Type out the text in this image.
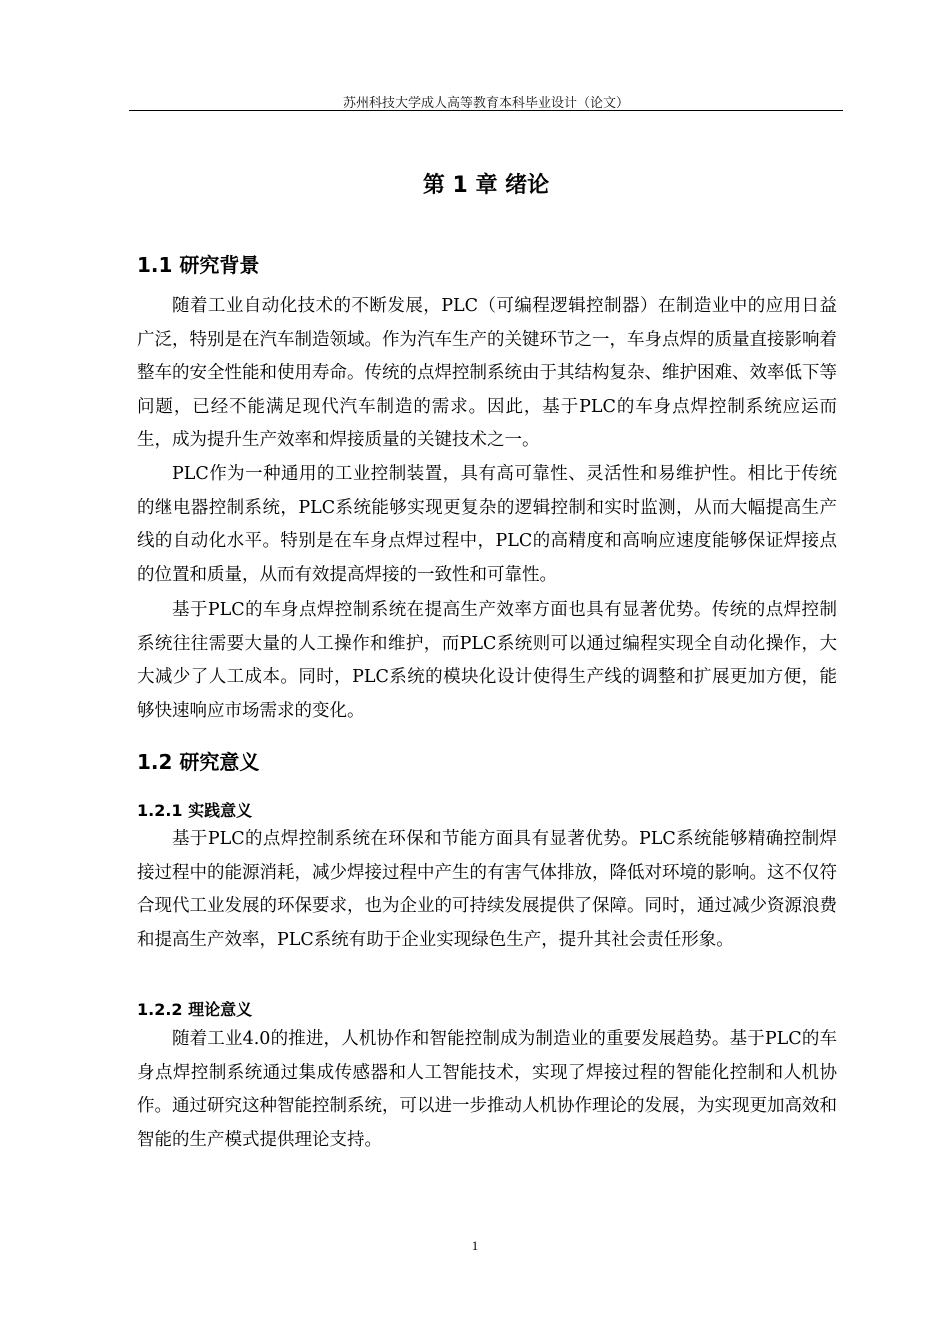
苏州科技大学成人高等教育本科毕业设计（论文）
第 1 章 绪论
1.1 研究背景

随着工业自动化技术的不断发展，PLC（可编程逻辑控制器）在制造业中的应用日益广泛，特别是在汽车制造领域。作为汽车生产的关键环节之一，车身点焊的质量直接影响着整车的安全性能和使用寿命。传统的点焊控制系统由于其结构复杂、维护困难、效率低下等问题，已经不能满足现代汽车制造的需求。因此，基于PLC的车身点焊控制系统应运而生，成为提升生产效率和焊接质量的关键技术之一。

PLC作为一种通用的工业控制装置，具有高可靠性、灵活性和易维护性。相比于传统的继电器控制系统，PLC系统能够实现更复杂的逻辑控制和实时监测，从而大幅提高生产线的自动化水平。特别是在车身点焊过程中，PLC的高精度和高响应速度能够保证焊接点的位置和质量，从而有效提高焊接的一致性和可靠性。

基于PLC的车身点焊控制系统在提高生产效率方面也具有显著优势。传统的点焊控制系统往往需要大量的人工操作和维护，而PLC系统则可以通过编程实现全自动化操作，大大减少了人工成本。同时，PLC系统的模块化设计使得生产线的调整和扩展更加方便，能够快速响应市场需求的变化。

1.2 研究意义
1.2.1 实践意义

基于PLC的点焊控制系统在环保和节能方面具有显著优势。PLC系统能够精确控制焊接过程中的能源消耗，减少焊接过程中产生的有害气体排放，降低对环境的影响。这不仅符合现代工业发展的环保要求，也为企业的可持续发展提供了保障。同时，通过减少资源浪费和提高生产效率，PLC系统有助于企业实现绿色生产，提升其社会责任形象。

1.2.2 理论意义

随着工业4.0的推进，人机协作和智能控制成为制造业的重要发展趋势。基于PLC的车身点焊控制系统通过集成传感器和人工智能技术，实现了焊接过程的智能化控制和人机协作。通过研究这种智能控制系统，可以进一步推动人机协作理论的发展，为实现更加高效和智能的生产模式提供理论支持。

1
